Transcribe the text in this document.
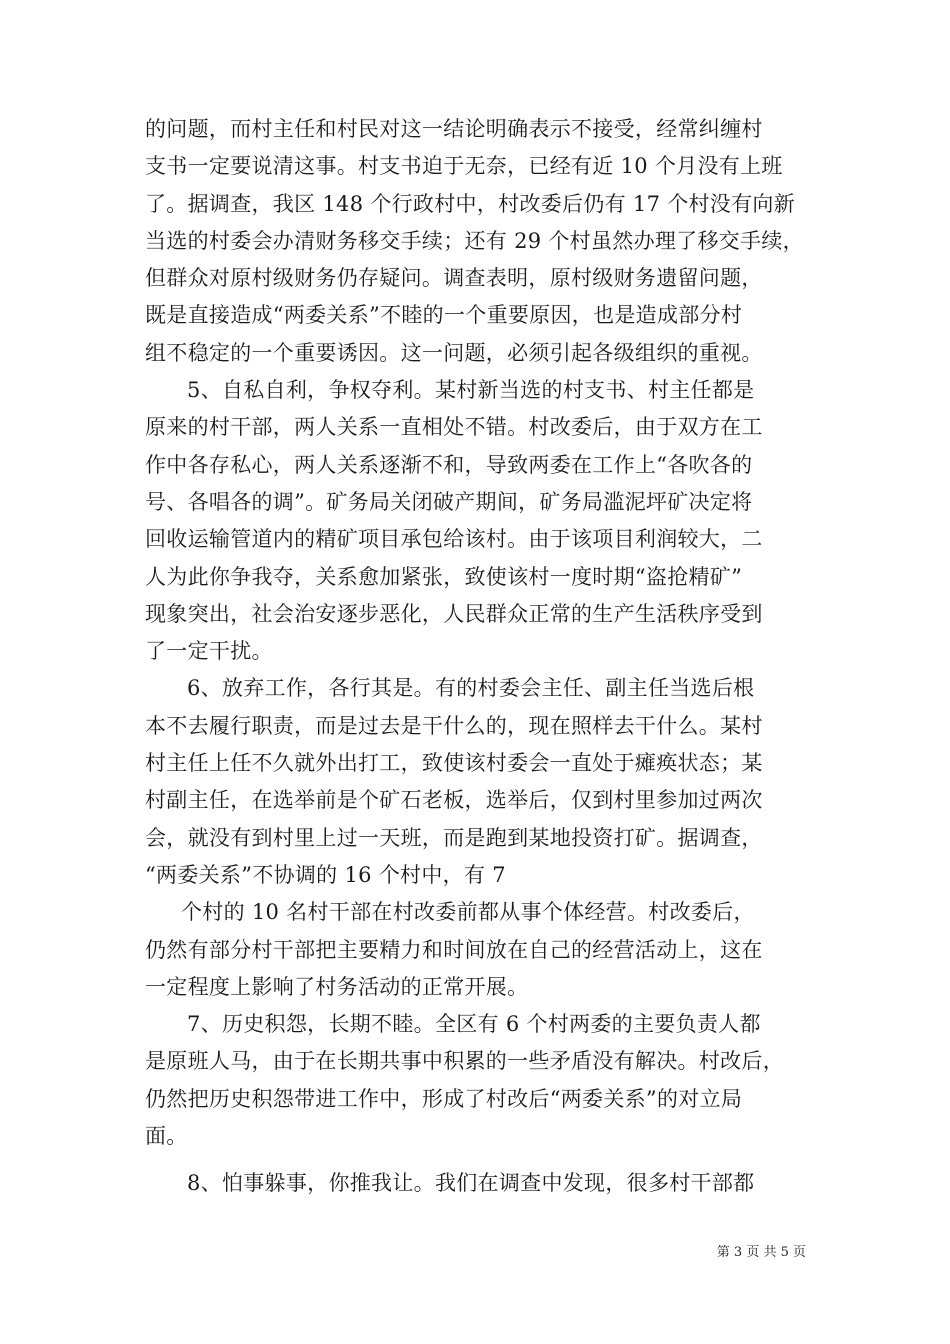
的问题，而村主任和村民对这一结论明确表示不接受，经常纠缠村
支书一定要说清这事。村支书迫于无奈，已经有近 10 个月没有上班
了。据调查，我区 148 个行政村中，村改委后仍有 17 个村没有向新
当选的村委会办清财务移交手续；还有 29 个村虽然办理了移交手续，
但群众对原村级财务仍存疑问。调查表明，原村级财务遗留问题，
既是直接造成“两委关系”不睦的一个重要原因，也是造成部分村
组不稳定的一个重要诱因。这一问题，必须引起各级组织的重视。
5、自私自利，争权夺利。某村新当选的村支书、村主任都是
原来的村干部，两人关系一直相处不错。村改委后，由于双方在工
作中各存私心，两人关系逐渐不和，导致两委在工作上“各吹各的
号、各唱各的调”。矿务局关闭破产期间，矿务局滥泥坪矿决定将
回收运输管道内的精矿项目承包给该村。由于该项目利润较大，二
人为此你争我夺，关系愈加紧张，致使该村一度时期“盗抢精矿”
现象突出，社会治安逐步恶化，人民群众正常的生产生活秩序受到
了一定干扰。
6、放弃工作，各行其是。有的村委会主任、副主任当选后根
本不去履行职责，而是过去是干什么的，现在照样去干什么。某村
村主任上任不久就外出打工，致使该村委会一直处于瘫痪状态；某
村副主任，在选举前是个矿石老板，选举后，仅到村里参加过两次
会，就没有到村里上过一天班，而是跑到某地投资打矿。据调查，
“两委关系”不协调的 16 个村中，有 7
个村的 10 名村干部在村改委前都从事个体经营。村改委后，
仍然有部分村干部把主要精力和时间放在自己的经营活动上，这在
一定程度上影响了村务活动的正常开展。
7、历史积怨，长期不睦。全区有 6 个村两委的主要负责人都
是原班人马，由于在长期共事中积累的一些矛盾没有解决。村改后，
仍然把历史积怨带进工作中，形成了村改后“两委关系”的对立局
面。
8、怕事躲事，你推我让。我们在调查中发现，很多村干部都
第 3 页 共 5 页
